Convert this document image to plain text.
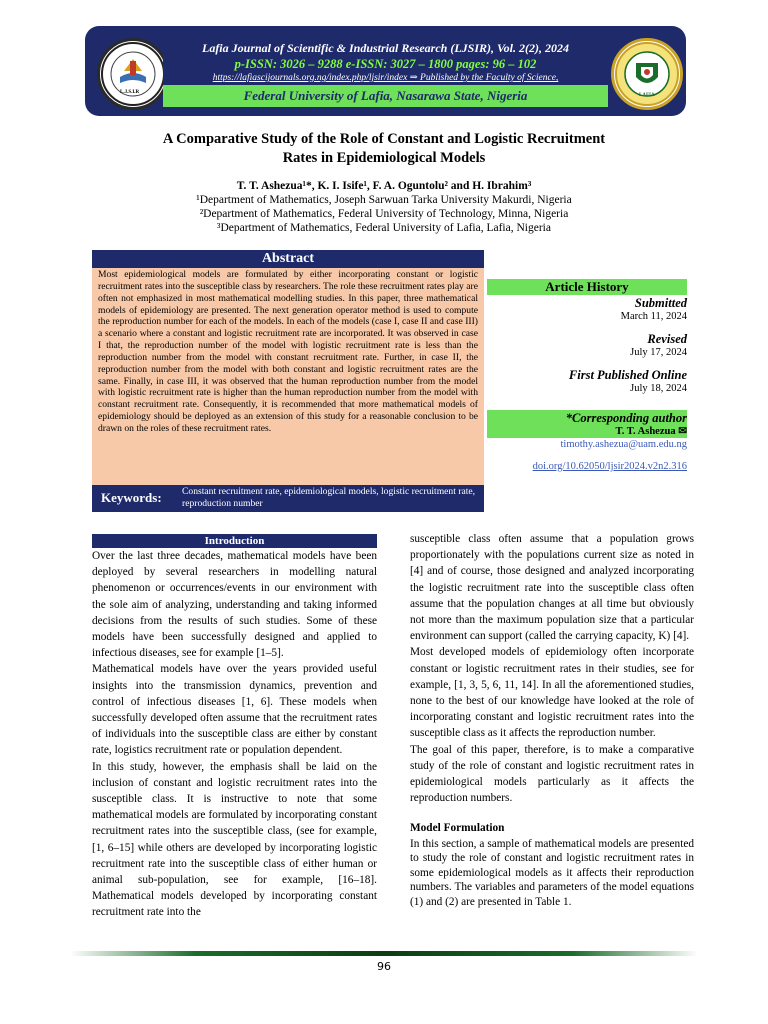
L.J.S.I.R
LAFIA
Lafia Journal of Scientific & Industrial Research (LJSIR), Vol. 2(2), 2024
p-ISSN: 3026 – 9288 e-ISSN: 3027 – 1800 pages: 96 – 102
https://lafiascijournals.org.ng/index.php/ljsir/index ⇒ Published by the Faculty of Science,
Federal University of Lafia, Nasarawa State, Nigeria
A Comparative Study of the Role of Constant and Logistic Recruitment
Rates in Epidemiological Models
T. T. Ashezua¹*, K. I. Isife¹, F. A. Oguntolu² and H. Ibrahim³
¹Department of Mathematics, Joseph Sarwuan Tarka University Makurdi, Nigeria
²Department of Mathematics, Federal University of Technology, Minna, Nigeria
³Department of Mathematics, Federal University of Lafia, Lafia, Nigeria
Abstract
Most epidemiological models are formulated by either incorporating constant or logistic recruitment rates into the susceptible class by researchers. The role these recruitment rates play are often not emphasized in most mathematical modelling studies. In this paper, three mathematical models of epidemiology are presented. The next generation operator method is used to compute the reproduction number for each of the models. In each of the models (case I, case II and case III) a scenario where a constant and logistic recruitment rate are incorporated. It was observed in case I that, the reproduction number of the model with logistic recruitment rate is less than the reproduction number from the model with constant recruitment rate. Further, in case II, the reproduction number from the model with both constant and logistic recruitment rates are the same. Finally, in case III, it was observed that the human reproduction number from the model with logistic recruitment rate is higher than the human reproduction number from the model with constant recruitment rate. Consequently, it is recommended that more mathematical models of epidemiology should be deployed as an extension of this study for a reasonable conclusion to be drawn on the roles of these recruitment rates.
Keywords: Constant recruitment rate, epidemiological models, logistic recruitment rate, reproduction number
Article History
Submitted
March 11, 2024
Revised
July 17, 2024
First Published Online
July 18, 2024
*Corresponding author
T. T. Ashezua ✉
timothy.ashezua@uam.edu.ng
doi.org/10.62050/ljsir2024.v2n2.316
Introduction

Over the last three decades, mathematical models have been deployed by several researchers in modelling natural phenomenon or occurrences/events in our environment with the sole aim of analyzing, understanding and taking informed decisions from the results of such studies. Some of these models have been successfully designed and applied to infectious diseases, see for example [1–5].

Mathematical models have over the years provided useful insights into the transmission dynamics, prevention and control of infectious diseases [1, 6]. These models when successfully developed often assume that the recruitment rates of individuals into the susceptible class are either by constant rate, logistics recruitment rate or population dependent.

In this study, however, the emphasis shall be laid on the inclusion of constant and logistic recruitment rates into the susceptible class. It is instructive to note that some mathematical models are formulated by incorporating constant recruitment rates into the susceptible class, (see for example, [1, 6–15] while others are developed by incorporating logistic recruitment rate into the susceptible class of either human or animal sub-population, see for example, [16–18]. Mathematical models developed by incorporating constant recruitment rate into the

susceptible class often assume that a population grows proportionately with the populations current size as noted in [4] and of course, those designed and analyzed incorporating the logistic recruitment rate into the susceptible class often assume that the population changes at all time but obviously not more than the maximum population size that a particular environment can support (called the carrying capacity, K) [4].

Most developed models of epidemiology often incorporate constant or logistic recruitment rates in their studies, see for example, [1, 3, 5, 6, 11, 14]. In all the aforementioned studies, none to the best of our knowledge have looked at the role of incorporating constant and logistic recruitment rates into the susceptible class as it affects the reproduction number.

The goal of this paper, therefore, is to make a comparative study of the role of constant and logistic recruitment rates in epidemiological models particularly as it affects the reproduction numbers.

Model Formulation

In this section, a sample of mathematical models are presented to study the role of constant and logistic recruitment rates in some epidemiological models as it affects their reproduction numbers. The variables and parameters of the model equations (1) and (2) are presented in Table 1.

96
